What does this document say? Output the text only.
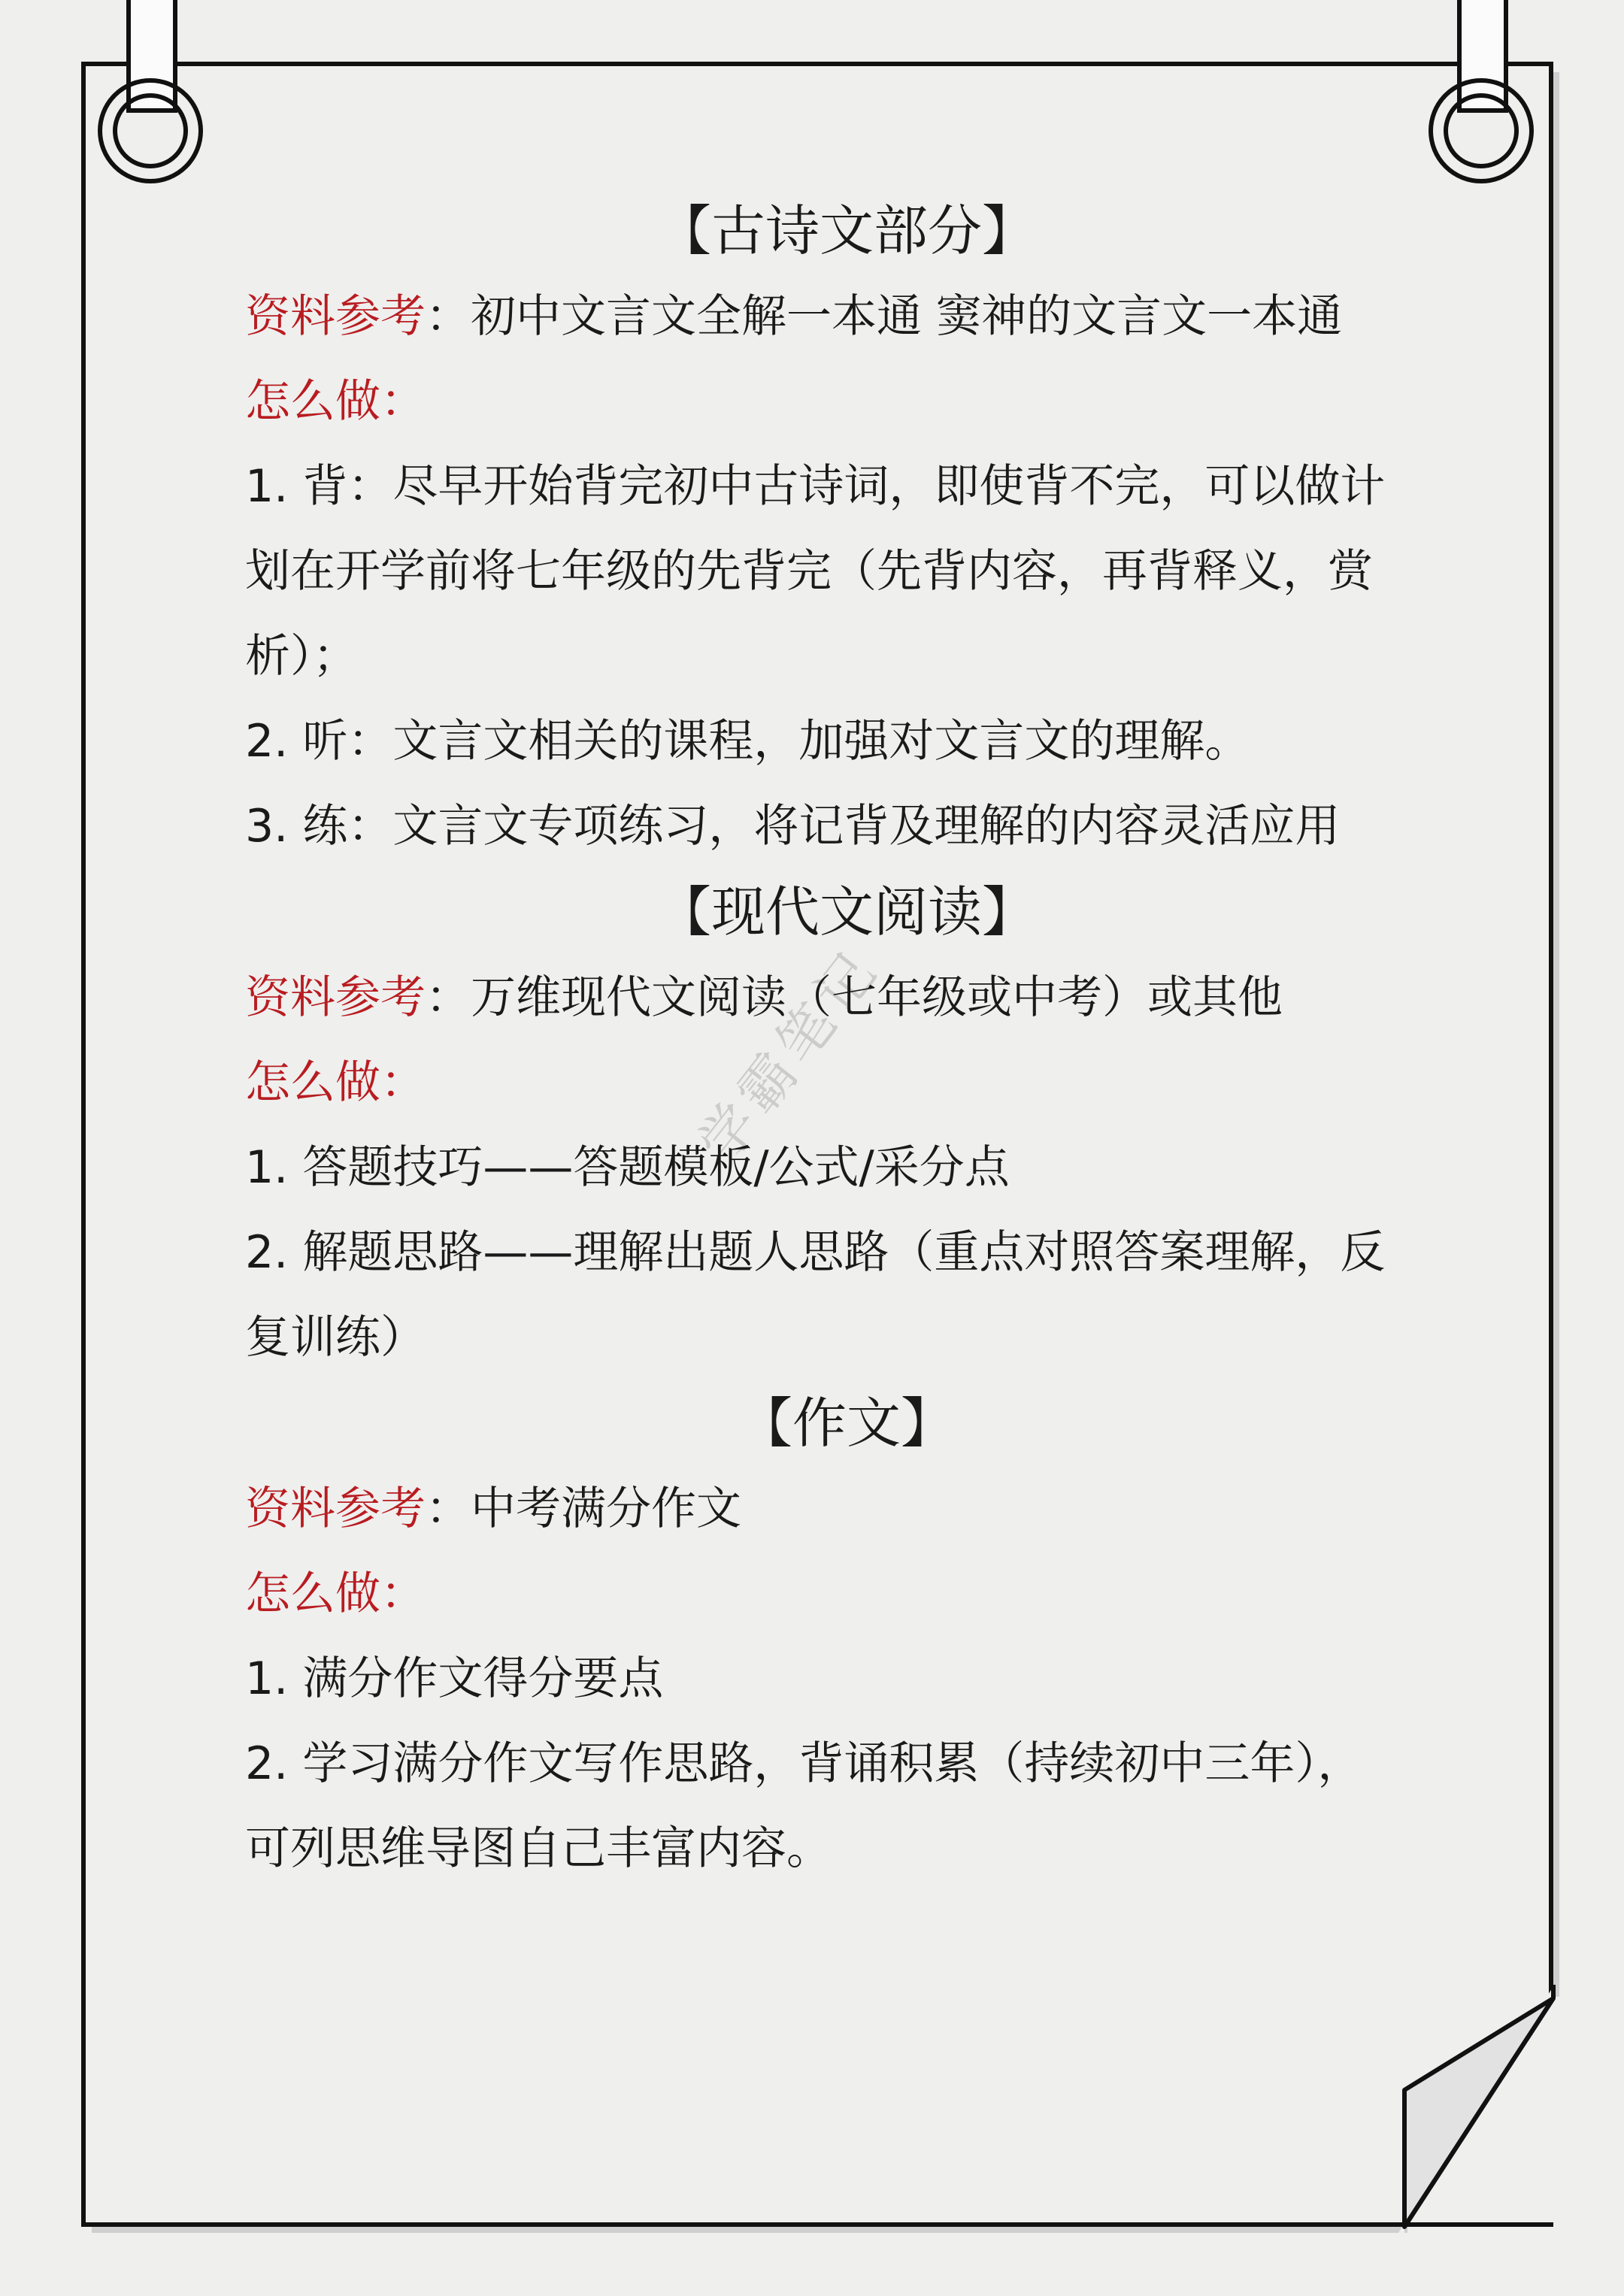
学霸笔记

【古诗文部分】

资料参考：初中文言文全解一本通 窦神的文言文一本通

怎么做：

1. 背：尽早开始背完初中古诗词，即使背不完，可以做计划在开学前将七年级的先背完（先背内容，再背释义，赏析）；

2. 听：文言文相关的课程，加强对文言文的理解。

3. 练：文言文专项练习，将记背及理解的内容灵活应用

【现代文阅读】

资料参考：万维现代文阅读（七年级或中考）或其他

怎么做：

1. 答题技巧——答题模板/公式/采分点

2. 解题思路——理解出题人思路（重点对照答案理解，反复训练）

【作文】

资料参考：中考满分作文

怎么做：

1. 满分作文得分要点

2. 学习满分作文写作思路，背诵积累（持续初中三年），可列思维导图自己丰富内容。
